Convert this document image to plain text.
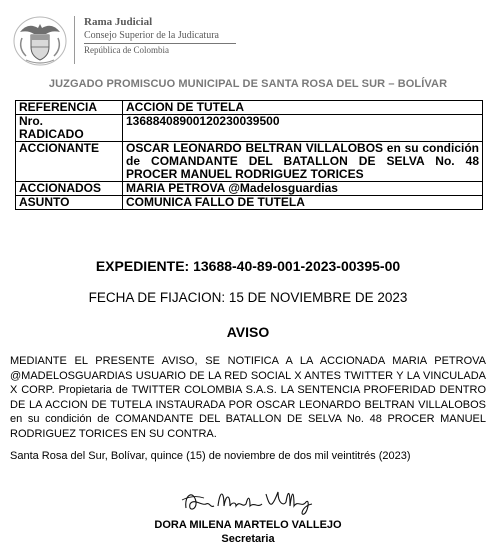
Rama Judicial
Consejo Superior de la Judicatura
República de Colombia
JUZGADO PROMISCUO MUNICIPAL DE SANTA ROSA DEL SUR – BOLÍVAR
REFERENCIA	ACCION DE TUTELA
Nro.
RADICADO	13688408900120230039500
ACCIONANTE	OSCAR LEONARDO BELTRAN VILLALOBOS en su condición de COMANDANTE DEL BATALLON DE SELVA No. 48 PROCER MANUEL RODRIGUEZ TORICES
ACCIONADOS	MARIA PETROVA @Madelosguardias
ASUNTO	COMUNICA FALLO DE TUTELA
EXPEDIENTE: 13688-40-89-001-2023-00395-00
FECHA DE FIJACION: 15 DE NOVIEMBRE DE 2023
AVISO
MEDIANTE EL PRESENTE AVISO, SE NOTIFICA A LA ACCIONADA MARIA PETROVA @MADELOSGUARDIAS USUARIO DE LA RED SOCIAL X ANTES TWITTER Y LA VINCULADA X CORP. Propietaria de TWITTER COLOMBIA S.A.S. LA SENTENCIA PROFERIDAD DENTRO DE LA ACCION DE TUTELA INSTAURADA POR OSCAR LEONARDO BELTRAN VILLALOBOS en su condición de COMANDANTE DEL BATALLON DE SELVA No. 48 PROCER MANUEL RODRIGUEZ TORICES EN SU CONTRA.
Santa Rosa del Sur, Bolívar, quince (15) de noviembre de dos mil veintitrés (2023)
DORA MILENA MARTELO VALLEJO
Secretaria
